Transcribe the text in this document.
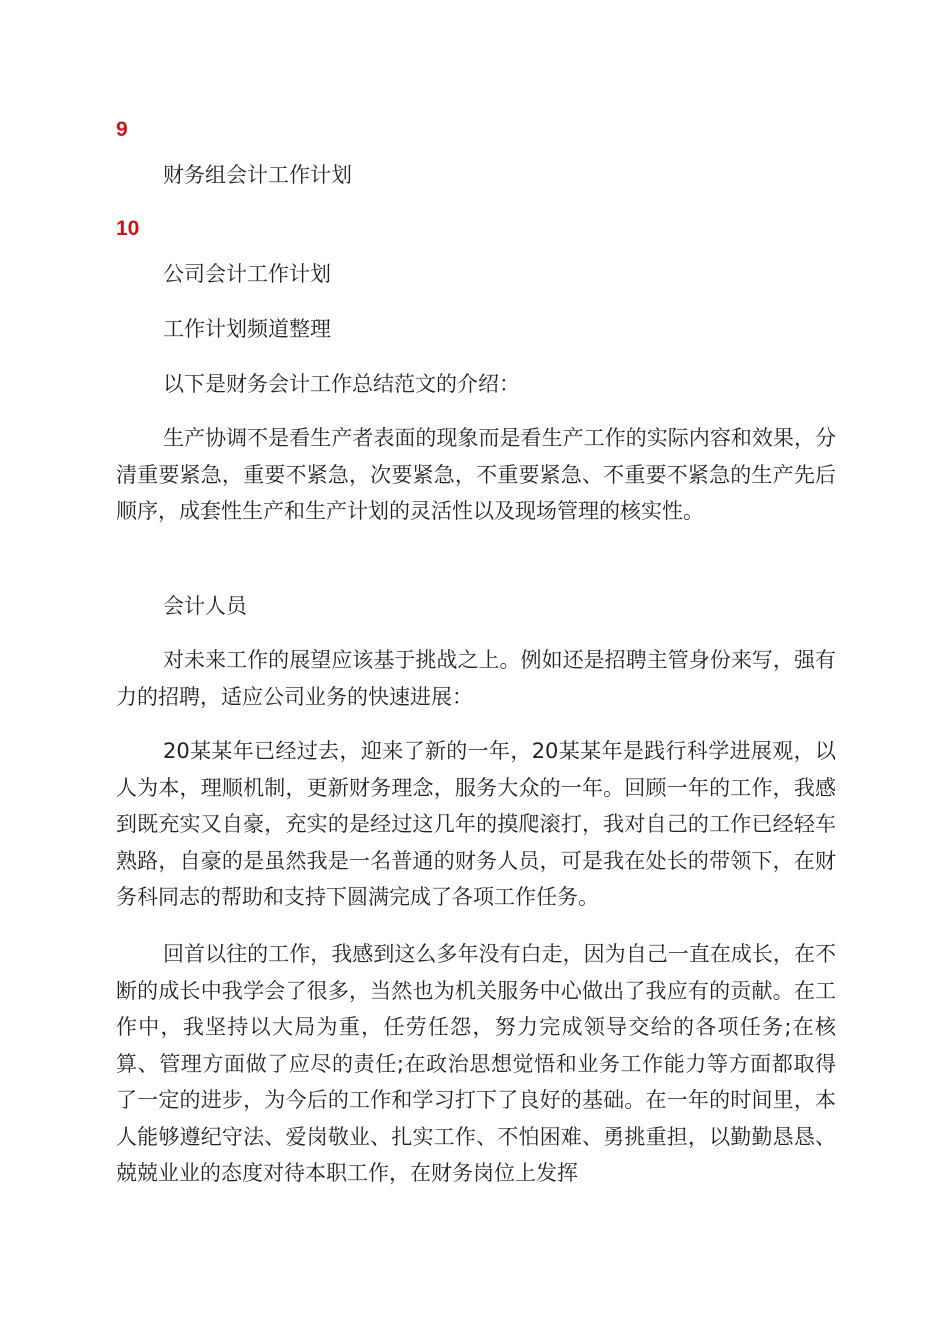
9
财务组会计工作计划
10
公司会计工作计划
工作计划频道整理
以下是财务会计工作总结范文的介绍：

生产协调不是看生产者表面的现象而是看生产工作的实际内容和效果，分清重要紧急，重要不紧急，次要紧急，不重要紧急、不重要不紧急的生产先后顺序，成套性生产和生产计划的灵活性以及现场管理的核实性。

会计人员

对未来工作的展望应该基于挑战之上。例如还是招聘主管身份来写，强有力的招聘，适应公司业务的快速进展：

20某某年已经过去，迎来了新的一年，20某某年是践行科学进展观，以人为本，理顺机制，更新财务理念，服务大众的一年。回顾一年的工作，我感到既充实又自豪，充实的是经过这几年的摸爬滚打，我对自己的工作已经轻车熟路，自豪的是虽然我是一名普通的财务人员，可是我在处长的带领下，在财务科同志的帮助和支持下圆满完成了各项工作任务。

回首以往的工作，我感到这么多年没有白走，因为自己一直在成长，在不断的成长中我学会了很多，当然也为机关服务中心做出了我应有的贡献。在工作中，我坚持以大局为重，任劳任怨，努力完成领导交给的各项任务;在核算、管理方面做了应尽的责任;在政治思想觉悟和业务工作能力等方面都取得了一定的进步，为今后的工作和学习打下了良好的基础。在一年的时间里，本人能够遵纪守法、爱岗敬业、扎实工作、不怕困难、勇挑重担，以勤勤恳恳、兢兢业业的态度对待本职工作，在财务岗位上发挥
